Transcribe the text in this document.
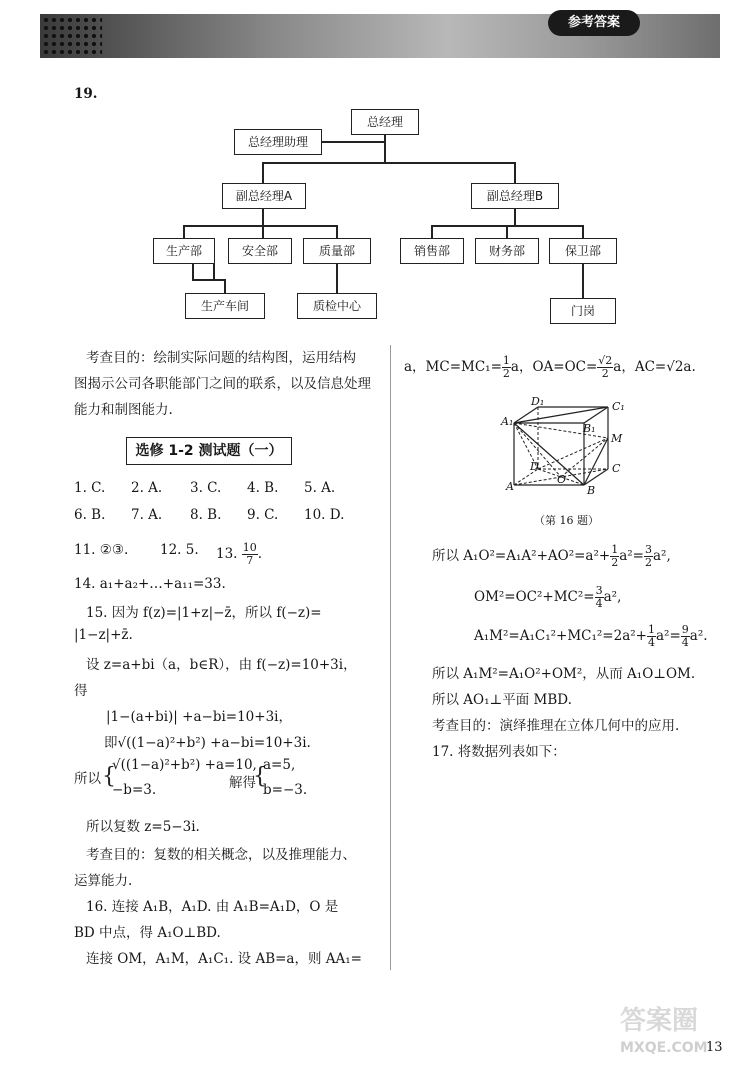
参考答案
19.
总经理
总经理助理
副总经理A	副总经理B
生产部	安全部	质量部	销售部	财务部	保卫部
生产车间	质检中心	门岗
考查目的：绘制实际问题的结构图，运用结构
图揭示公司各职能部门之间的联系，以及信息处理
能力和制图能力.
选修 1-2 测试题（一）
1. C. 2. A. 3. C. 4. B. 5. A.
6. B. 7. A. 8. B. 9. C. 10. D.
11. ②③. 12. 5. 13. $\frac{10}{7}$ .
14. a₁+a₂+…+a₁₁=33.
15. 因为 f(z)=|1+z|−z̄，所以 f(−z)=
|1−z|+z̄.
设 z=a+bi（a，b∈R），由 f(−z)=10+3i，
得
|1−(a+bi)| +a−bi=10+3i，
即√((1−a)²+b²) +a−bi=10+3i.
所以 {
√((1−a)²+b²) +a=10,
−b=3.	解得
{
a=5,
b=−3.
所以复数 z=5−3i.
考查目的：复数的相关概念，以及推理能力、
运算能力.
16. 连接 A₁B，A₁D. 由 A₁B=A₁D，O 是
BD 中点，得 A₁O⊥BD.
连接 OM，A₁M，A₁C₁. 设 AB=a，则 AA₁=
a，$MC=MC_1= \frac{1}{2}$ a，$OA=OC= \frac{√2}{2}$ a，AC=√2a.
D₁	C₁
A₁
B₁
M
D
O
C
A	B
（第 16 题）
所以 $A_1O^2=A_1A^2+AO^2=a^2+ \frac{1}{2} a^2= \frac{3}{2} a^2$,
$OM^2=OC^2+MC^2= \frac{3}{4} a^2$,
$A_1M^2=A_1C_1^2+MC_1^2=2a^2+ \frac{1}{4} a^2= \frac{9}{4} a^2$.
所以 A₁M²=A₁O²+OM²，从而 A₁O⊥OM.
所以 AO₁⊥平面 MBD.
考查目的：演绎推理在立体几何中的应用.
17. 将数据列表如下：
答案圈
MXQE.COM
13
